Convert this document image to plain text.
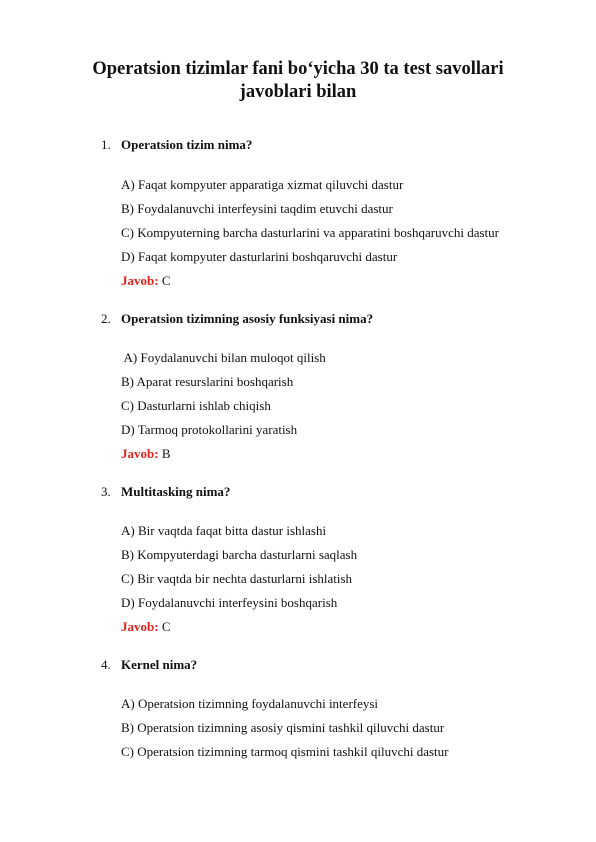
Operatsion tizimlar fani bo‘yicha 30 ta test savollari javoblari bilan
1. Operatsion tizim nima?
A) Faqat kompyuter apparatiga xizmat qiluvchi dastur
B) Foydalanuvchi interfeysini taqdim etuvchi dastur
C) Kompyuterning barcha dasturlarini va apparatini boshqaruvchi dastur
D) Faqat kompyuter dasturlarini boshqaruvchi dastur
Javob: C
2. Operatsion tizimning asosiy funksiyasi nima?
A) Foydalanuvchi bilan muloqot qilish
B) Aparat resurslarini boshqarish
C) Dasturlarni ishlab chiqish
D) Tarmoq protokollarini yaratish
Javob: B
3. Multitasking nima?
A) Bir vaqtda faqat bitta dastur ishlashi
B) Kompyuterdagi barcha dasturlarni saqlash
C) Bir vaqtda bir nechta dasturlarni ishlatish
D) Foydalanuvchi interfeysini boshqarish
Javob: C
4. Kernel nima?
A) Operatsion tizimning foydalanuvchi interfeysi
B) Operatsion tizimning asosiy qismini tashkil qiluvchi dastur
C) Operatsion tizimning tarmoq qismini tashkil qiluvchi dastur
